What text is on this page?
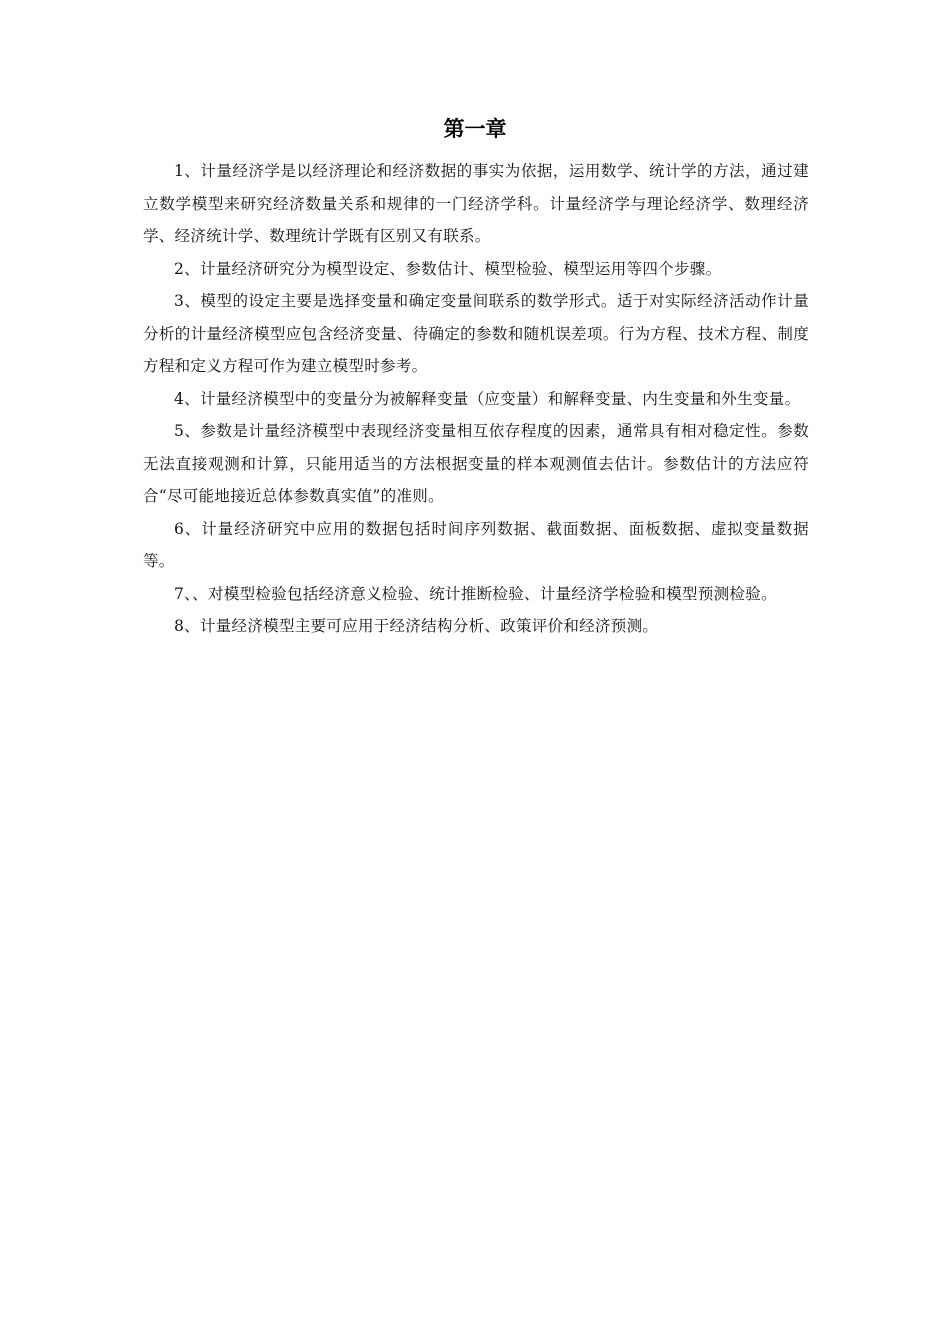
第一章

1、计量经济学是以经济理论和经济数据的事实为依据，运用数学、统计学的方法，通过建立数学模型来研究经济数量关系和规律的一门经济学科。计量经济学与理论经济学、数理经济学、经济统计学、数理统计学既有区别又有联系。

2、计量经济研究分为模型设定、参数估计、模型检验、模型运用等四个步骤。

3、模型的设定主要是选择变量和确定变量间联系的数学形式。适于对实际经济活动作计量分析的计量经济模型应包含经济变量、待确定的参数和随机误差项。行为方程、技术方程、制度方程和定义方程可作为建立模型时参考。

4、计量经济模型中的变量分为被解释变量（应变量）和解释变量、内生变量和外生变量。

5、参数是计量经济模型中表现经济变量相互依存程度的因素，通常具有相对稳定性。参数无法直接观测和计算，只能用适当的方法根据变量的样本观测值去估计。参数估计的方法应符合“尽可能地接近总体参数真实值”的准则。

6、计量经济研究中应用的数据包括时间序列数据、截面数据、面板数据、虚拟变量数据等。

7、、对模型检验包括经济意义检验、统计推断检验、计量经济学检验和模型预测检验。

8、计量经济模型主要可应用于经济结构分析、政策评价和经济预测。
